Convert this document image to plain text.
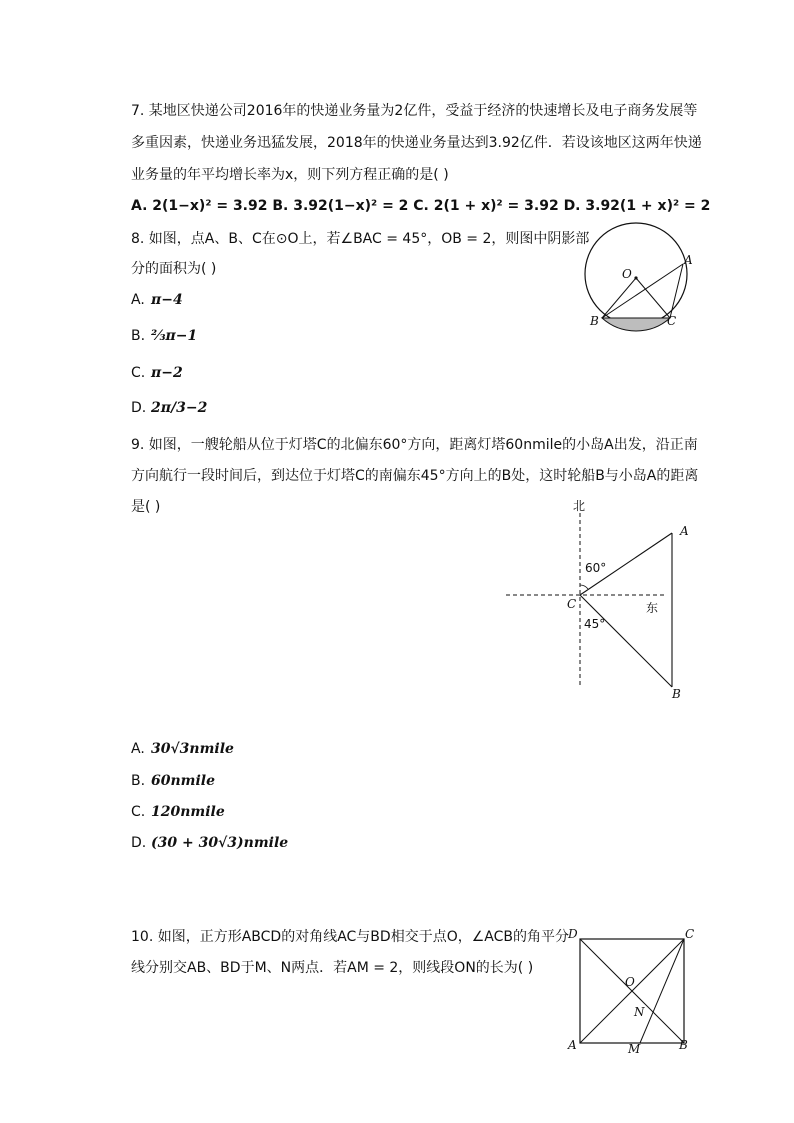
7. 某地区快递公司2016年的快递业务量为2亿件，受益于经济的快速增长及电子商务发展等
多重因素，快递业务迅猛发展，2018年的快递业务量达到3.92亿件．若设该地区这两年快递
业务量的年平均增长率为x，则下列方程正确的是( )
A. 2(1−x)² = 3.92 B. 3.92(1−x)² = 2 C. 2(1 + x)² = 3.92 D. 3.92(1 + x)² = 2
8. 如图，点A、B、C在⊙O上，若∠BAC = 45°，OB = 2，则图中阴影部
分的面积为( )
A. π−4
B. ⅔π−1
C. π−2
D. 2π/3−2
O
A
B	C
9. 如图，一艘轮船从位于灯塔C的北偏东60°方向，距离灯塔60nmile的小岛A出发，沿正南
方向航行一段时间后，到达位于灯塔C的南偏东45°方向上的B处，这时轮船B与小岛A的距离
是( )	北
东
60°
45°
A
B
C
A. 30√3nmile
B. 60nmile
C. 120nmile
D. (30 + 30√3)nmile
10. 如图，正方形ABCD的对角线AC与BD相交于点O，∠ACB的角平分
线分别交AB、BD于M、N两点．若AM = 2，则线段ON的长为( )
D	C
A	B
O
N
M
